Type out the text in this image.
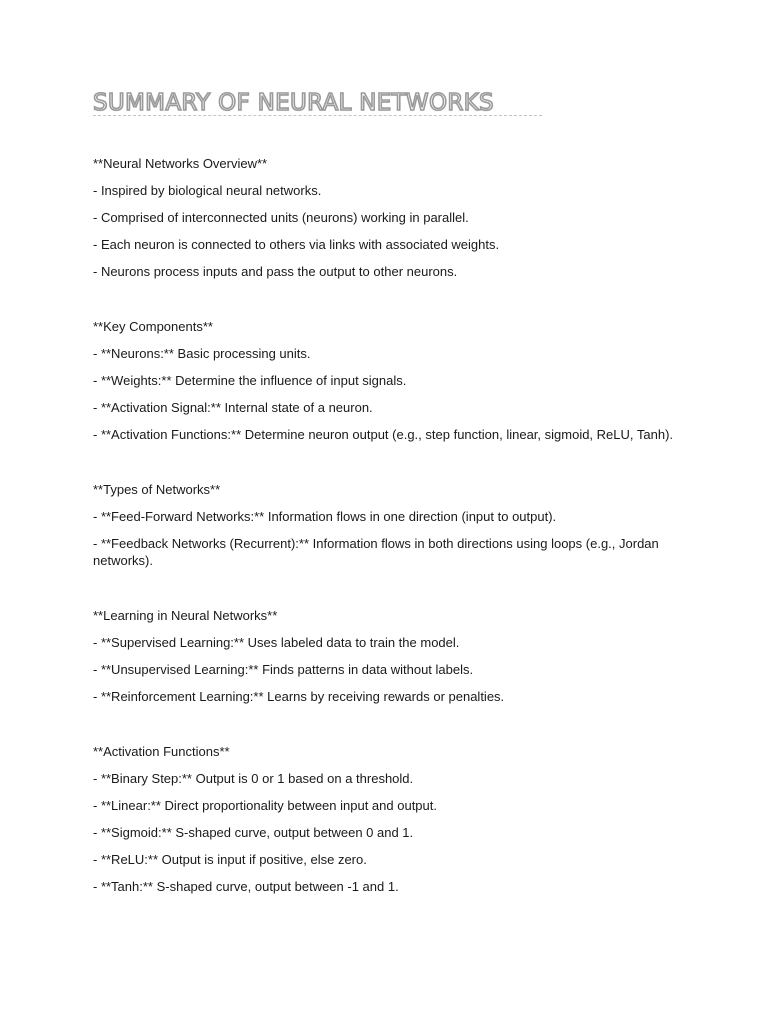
SUMMARY OF NEURAL NETWORKS

**Neural Networks Overview**

- Inspired by biological neural networks.

- Comprised of interconnected units (neurons) working in parallel.

- Each neuron is connected to others via links with associated weights.

- Neurons process inputs and pass the output to other neurons.

**Key Components**

- **Neurons:** Basic processing units.

- **Weights:** Determine the influence of input signals.

- **Activation Signal:** Internal state of a neuron.

- **Activation Functions:** Determine neuron output (e.g., step function, linear, sigmoid, ReLU, Tanh).

**Types of Networks**

- **Feed-Forward Networks:** Information flows in one direction (input to output).

- **Feedback Networks (Recurrent):** Information flows in both directions using loops (e.g., Jordan networks).

**Learning in Neural Networks**

- **Supervised Learning:** Uses labeled data to train the model.

- **Unsupervised Learning:** Finds patterns in data without labels.

- **Reinforcement Learning:** Learns by receiving rewards or penalties.

**Activation Functions**

- **Binary Step:** Output is 0 or 1 based on a threshold.

- **Linear:** Direct proportionality between input and output.

- **Sigmoid:** S-shaped curve, output between 0 and 1.

- **ReLU:** Output is input if positive, else zero.

- **Tanh:** S-shaped curve, output between -1 and 1.
